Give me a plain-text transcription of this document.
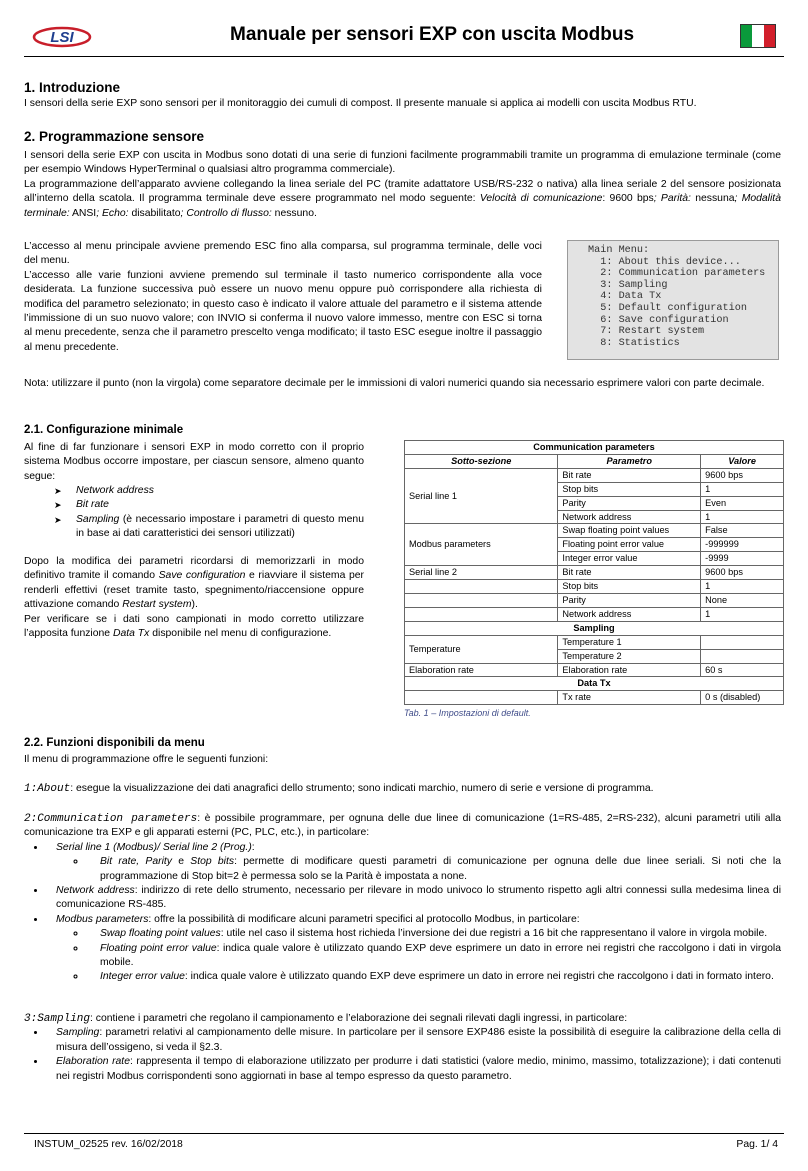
LSI	Manuale per sensori EXP con uscita Modbus
1. Introduzione

I sensori della serie EXP sono sensori per il monitoraggio dei cumuli di compost. Il presente manuale si applica ai modelli con uscita Modbus RTU.

2. Programmazione sensore

I sensori della serie EXP con uscita in Modbus sono dotati di una serie di funzioni facilmente programmabili tramite un programma di emulazione terminale (come per esempio Windows HyperTerminal o qualsiasi altro programma commerciale).

La programmazione dell’apparato avviene collegando la linea seriale del PC (tramite adattatore USB/RS-232 o nativa) alla linea seriale 2 del sensore posizionata all’interno della scatola. Il programma terminale deve essere programmato nel modo seguente: Velocità di comunicazione: 9600 bps; Parità: nessuna; Modalità terminale: ANSI; Echo: disabilitato; Controllo di flusso: nessuno.

L’accesso al menu principale avviene premendo ESC fino alla comparsa, sul programma terminale, delle voci del menu.

L’accesso alle varie funzioni avviene premendo sul terminale il tasto numerico corrispondente alla voce desiderata. La funzione successiva può essere un nuovo menu oppure può corrispondere alla richiesta di modifica del parametro selezionato; in questo caso è indicato il valore attuale del parametro e il sistema attende l’immissione di un suo nuovo valore; con INVIO si conferma il nuovo valore immesso, mentre con ESC si torna al menu precedente, senza che il parametro prescelto venga modificato; il tasto ESC esegue inoltre il passaggio al menu precedente.

Main Menu:
1: About this device...
2: Communication parameters
3: Sampling
4: Data Tx
5: Default configuration
6: Save configuration
7: Restart system
8: Statistics
Nota: utilizzare il punto (non la virgola) come separatore decimale per le immissioni di valori numerici quando sia necessario esprimere valori con parte decimale.
2.1. Configurazione minimale
Al fine di far funzionare i sensori EXP in modo corretto con il proprio sistema Modbus occorre impostare, per ciascun sensore, almeno quanto segue:
➤	Network address
➤	Bit rate
➤	Sampling (è necessario impostare i parametri di questo menu in base ai dati caratteristici dei sensori utilizzati)

Dopo la modifica dei parametri ricordarsi di memorizzarli in modo definitivo tramite il comando Save configuration e riavviare il sistema per renderli effettivi (reset tramite tasto, spegnimento/riaccensione oppure attivazione comando Restart system).

Per verificare se i dati sono campionati in modo corretto utilizzare l’apposita funzione Data Tx disponibile nel menu di configurazione.

Communication parameters		
Sotto-sezione	Parametro	Valore
Serial line 1	Bit rate	9600 bps
	Stop bits	1
	Parity	Even
	Network address	1
Modbus parameters	Swap floating point values	False
	Floating point error value	-999999
	Integer error value	-9999
Serial line 2	Bit rate	9600 bps
	Stop bits	1
	Parity	None
	Network address	1
Sampling		
Temperature	Temperature 1	
	Temperature 2	
Elaboration rate	Elaboration rate	60 s
Data Tx		
	Tx rate	0 s (disabled)
Tab. 1 – Impostazioni di default.
2.2. Funzioni disponibili da menu
Il menu di programmazione offre le seguenti funzioni:

1:About: esegue la visualizzazione dei dati anagrafici dello strumento; sono indicati marchio, numero di serie e versione di programma.

2:Communication parameters: è possibile programmare, per ognuna delle due linee di comunicazione (1=RS-485, 2=RS-232), alcuni parametri utili alla comunicazione tra EXP e gli apparati esterni (PC, PLC, etc.), in particolare:

• Serial line 1 (Modbus)/ Serial line 2 (Prog.):
◦ Bit rate, Parity e Stop bits: permette di modificare questi parametri di comunicazione per ognuna delle due linee seriali. Si noti che la programmazione di Stop bit=2 è permessa solo se la Parità è impostata a none.
• Network address: indirizzo di rete dello strumento, necessario per rilevare in modo univoco lo strumento rispetto agli altri connessi sulla medesima linea di comunicazione RS-485.
• Modbus parameters: offre la possibilità di modificare alcuni parametri specifici al protocollo Modbus, in particolare:
◦ Swap floating point values: utile nel caso il sistema host richieda l’inversione dei due registri a 16 bit che rappresentano il valore in virgola mobile.
◦ Floating point error value: indica quale valore è utilizzato quando EXP deve esprimere un dato in errore nei registri che raccolgono i dati in virgola mobile.
◦ Integer error value: indica quale valore è utilizzato quando EXP deve esprimere un dato in errore nei registri che raccolgono i dati in formato intero.

3:Sampling: contiene i parametri che regolano il campionamento e l’elaborazione dei segnali rilevati dagli ingressi, in particolare:

• Sampling: parametri relativi al campionamento delle misure. In particolare per il sensore EXP486 esiste la possibilità di eseguire la calibrazione della cella di misura dell’ossigeno, si veda il §2.3.
• Elaboration rate: rappresenta il tempo di elaborazione utilizzato per produrre i dati statistici (valore medio, minimo, massimo, totalizzazione); i dati contenuti nei registri Modbus corrispondenti sono aggiornati in base al tempo espresso da questo parametro.
INSTUM_02525 rev. 16/02/2018	Pag. 1/ 4
